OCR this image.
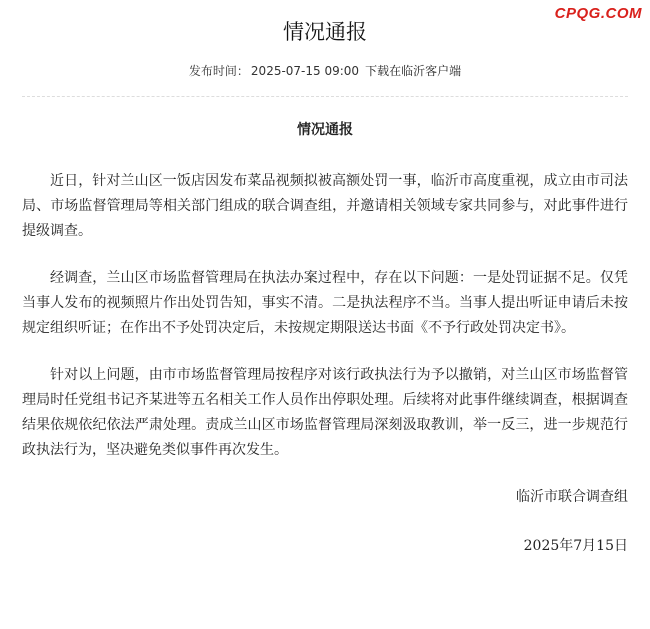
CPQG.COM
情况通报
发布时间： 2025-07-15 09:00 下载在临沂客户端
情况通报

近日，针对兰山区一饭店因发布菜品视频拟被高额处罚一事，临沂市高度重视，成立由市司法局、市场监督管理局等相关部门组成的联合调查组，并邀请相关领域专家共同参与，对此事件进行提级调查。

经调查，兰山区市场监督管理局在执法办案过程中，存在以下问题：一是处罚证据不足。仅凭当事人发布的视频照片作出处罚告知，事实不清。二是执法程序不当。当事人提出听证申请后未按规定组织听证；在作出不予处罚决定后，未按规定期限送达书面《不予行政处罚决定书》。

针对以上问题，由市市场监督管理局按程序对该行政执法行为予以撤销，对兰山区市场监督管理局时任党组书记齐某进等五名相关工作人员作出停职处理。后续将对此事件继续调查，根据调查结果依规依纪依法严肃处理。责成兰山区市场监督管理局深刻汲取教训，举一反三，进一步规范行政执法行为，坚决避免类似事件再次发生。

临沂市联合调查组

2025年7月15日
